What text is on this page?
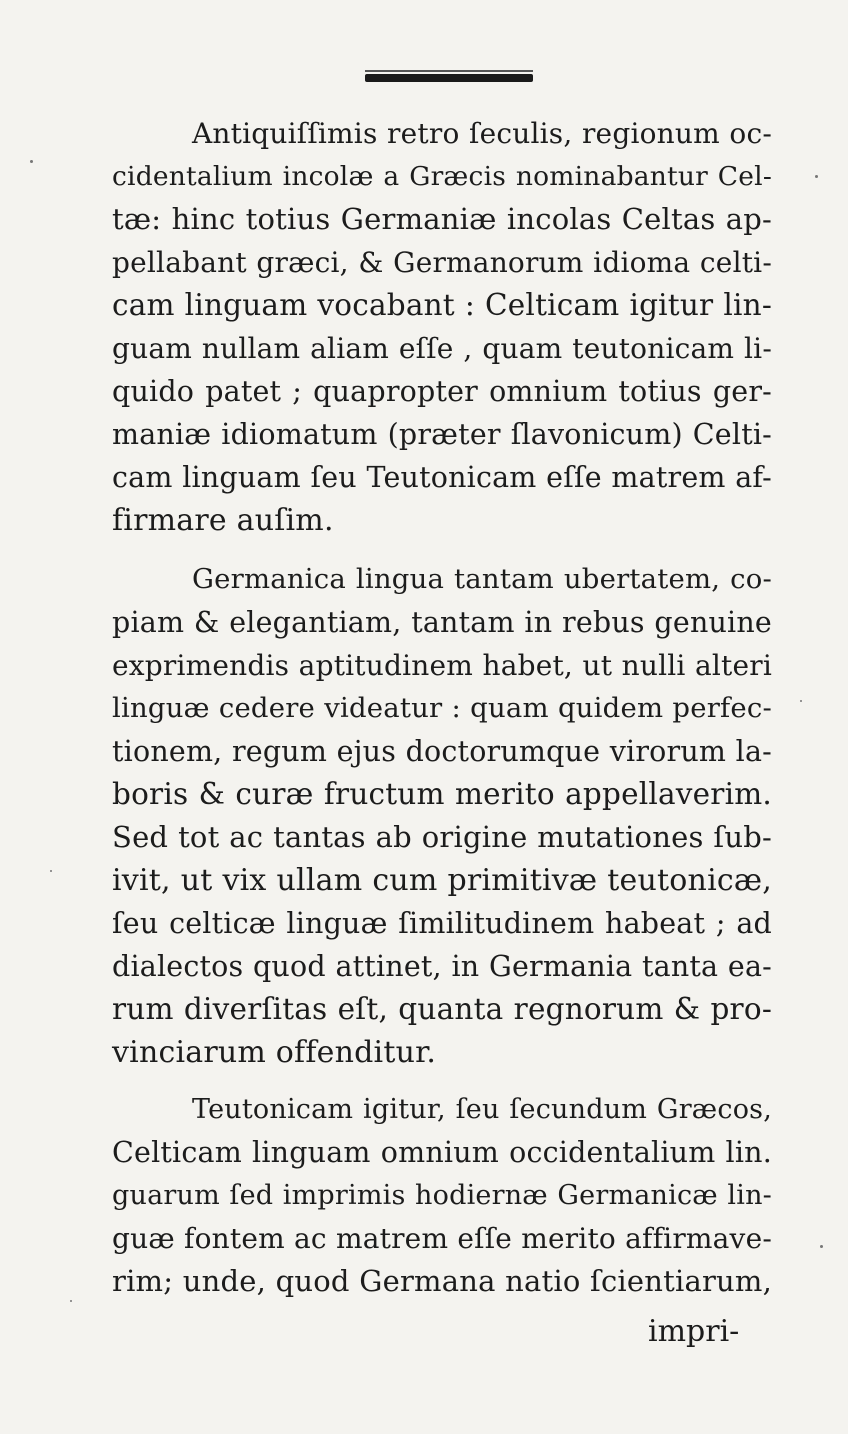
Antiquiſſimis retro ſeculis, regionum oc-
cidentalium incolæ a Græcis nominabantur Cel-
tæ: hinc totius Germaniæ incolas Celtas ap-
pellabant græci, & Germanorum idioma celti-
cam linguam vocabant : Celticam igitur lin-
guam nullam aliam eſſe , quam teutonicam li-
quido patet ; quapropter omnium totius ger-
maniæ idiomatum (præter ſlavonicum) Celti-
cam linguam ſeu Teutonicam eſſe matrem af-
firmare auſim.
Germanica lingua tantam ubertatem, co-
piam & elegantiam, tantam in rebus genuine
exprimendis aptitudinem habet, ut nulli alteri
linguæ cedere videatur : quam quidem perfec-
tionem, regum ejus doctorumque virorum la-
boris & curæ fructum merito appellaverim.
Sed tot ac tantas ab origine mutationes ſub-
ivit, ut vix ullam cum primitivæ teutonicæ,
ſeu celticæ linguæ ſimilitudinem habeat ; ad
dialectos quod attinet, in Germania tanta ea-
rum diverſitas eſt, quanta regnorum & pro-
vinciarum offenditur.
Teutonicam igitur, ſeu ſecundum Græcos,
Celticam linguam omnium occidentalium lin.
guarum ſed imprimis hodiernæ Germanicæ lin-
guæ fontem ac matrem eſſe merito affirmave-
rim; unde, quod Germana natio ſcientiarum,
impri-
